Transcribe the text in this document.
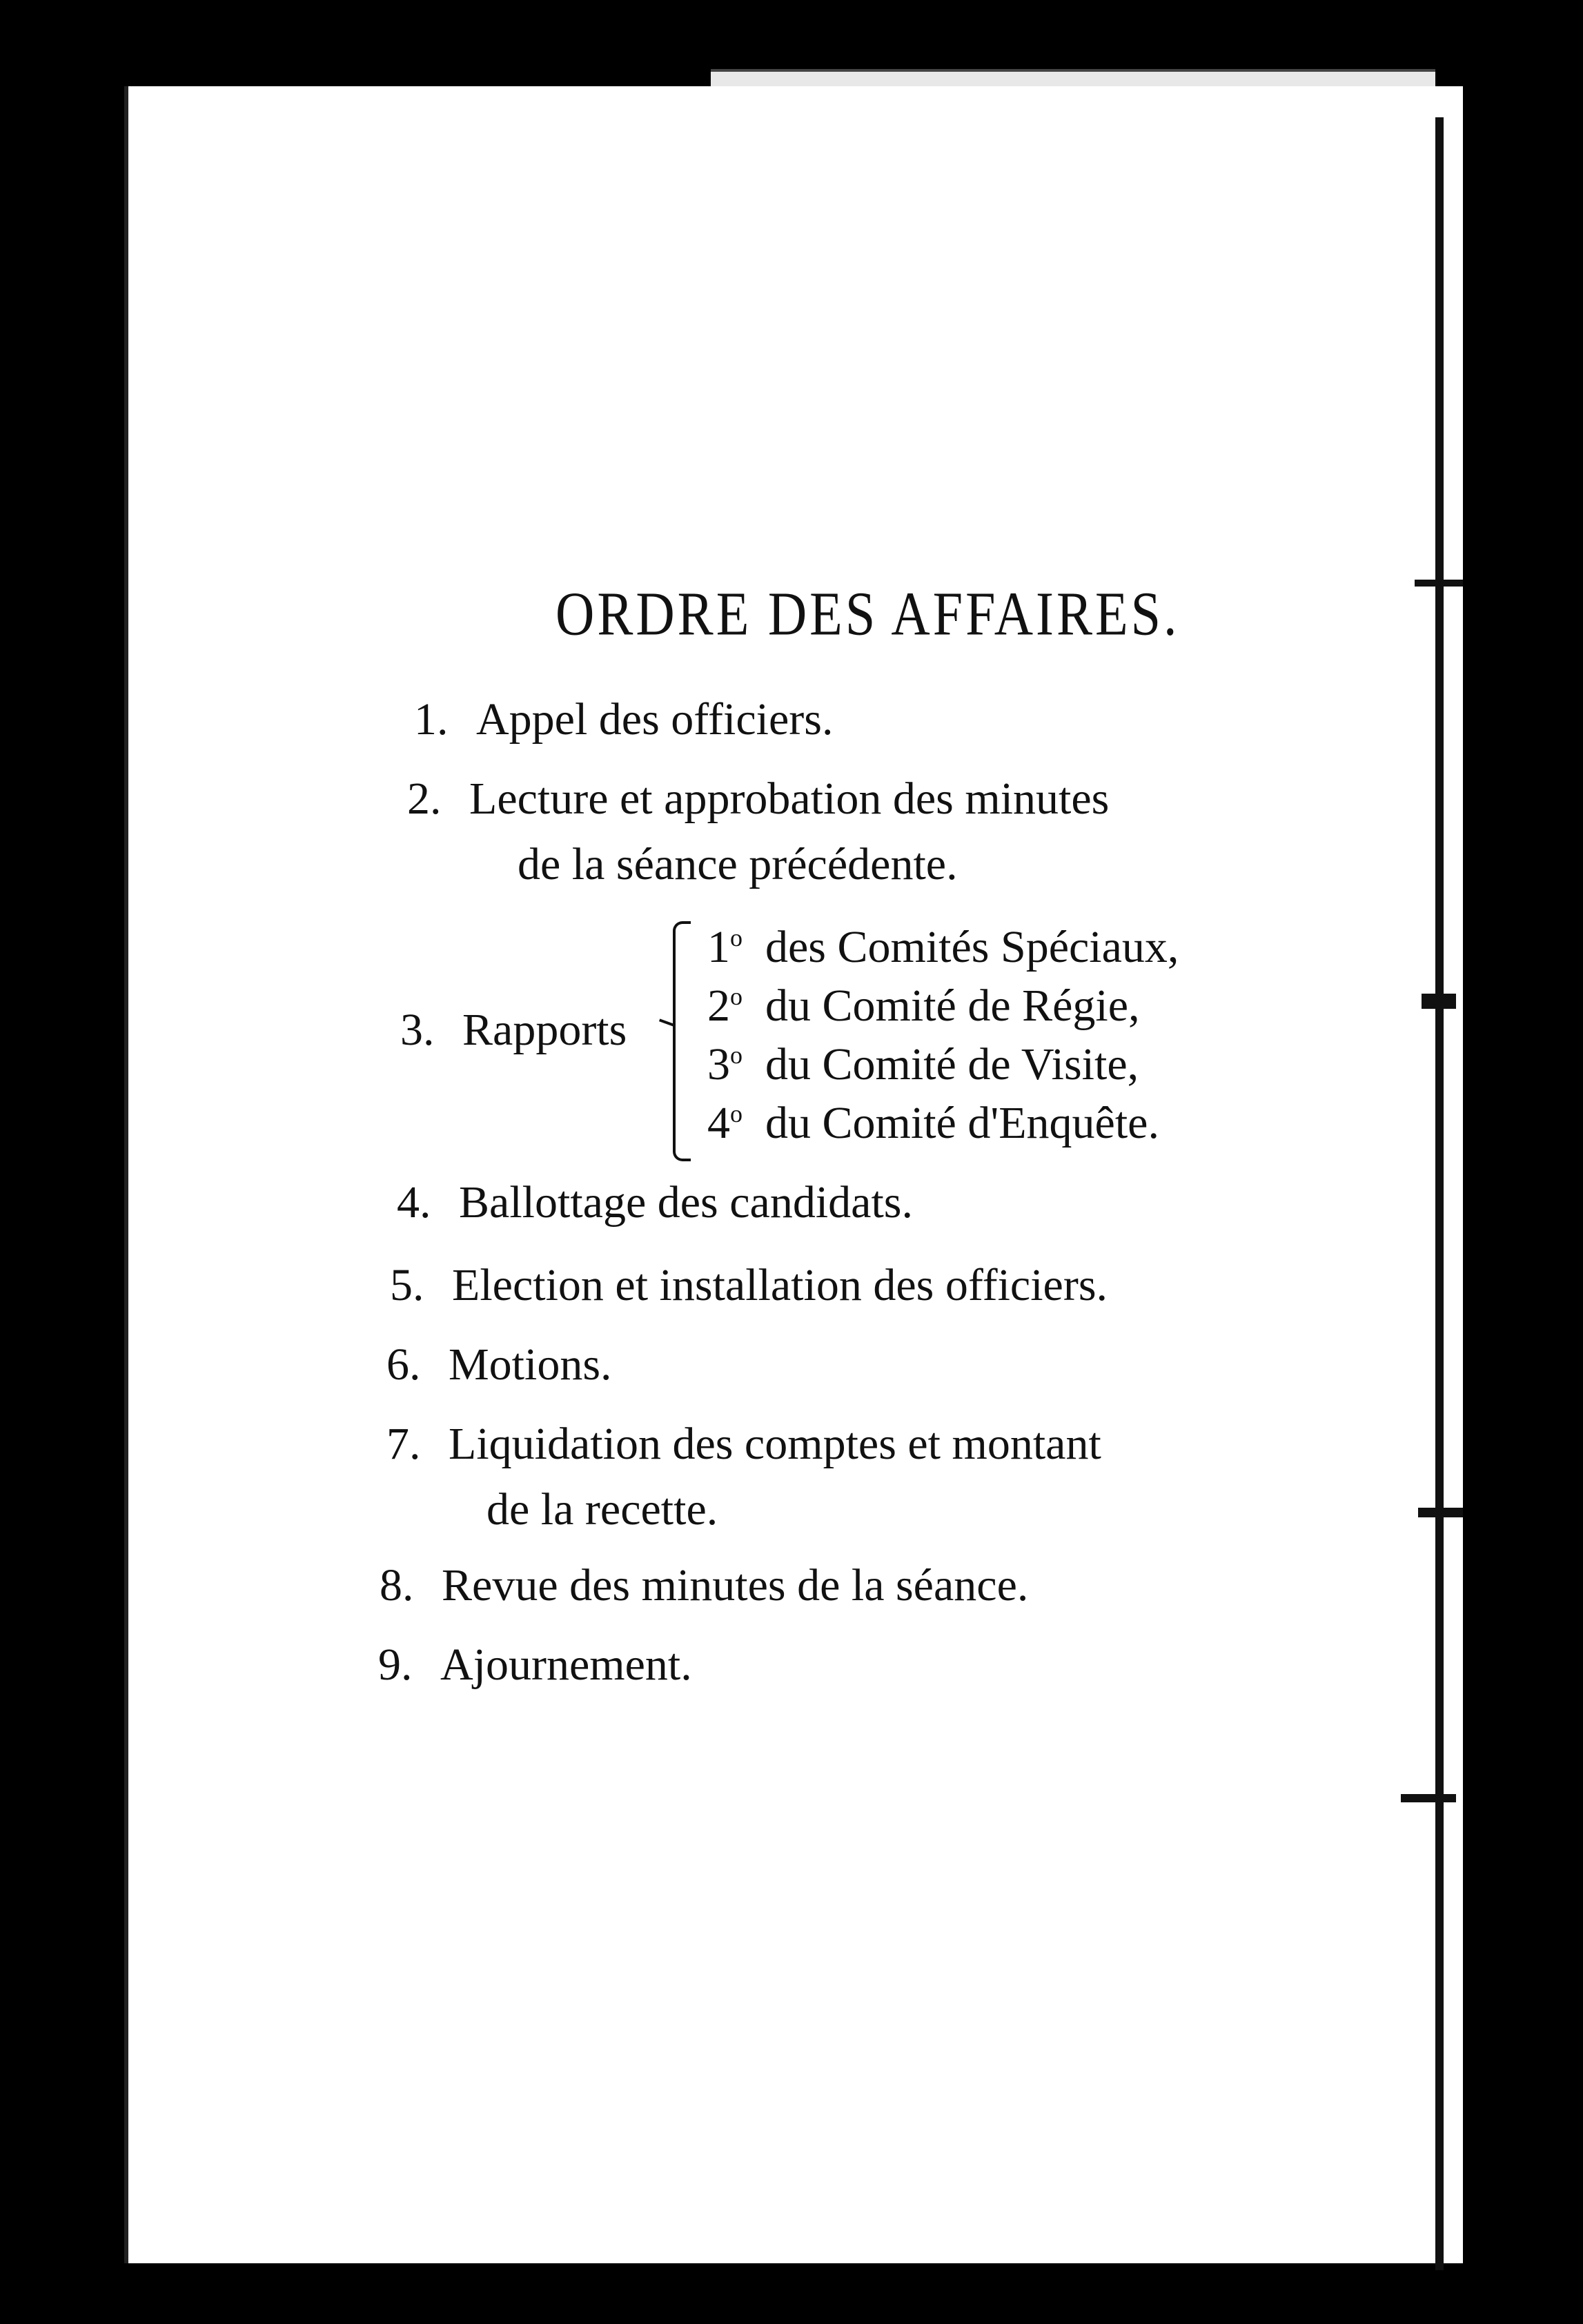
ORDRE DES AFFAIRES.
1. Appel des officiers.
2. Lecture et approbation des minutes
de la séance précédente.
3. Rapports
1$^o$ des Comités Spéciaux,
2$^o$ du Comité de Régie,
3$^o$ du Comité de Visite,
4$^o$ du Comité d'Enquête.
4. Ballottage des candidats.
5. Election et installation des officiers.
6. Motions.
7. Liquidation des comptes et montant
de la recette.
8. Revue des minutes de la séance.
9. Ajournement.
